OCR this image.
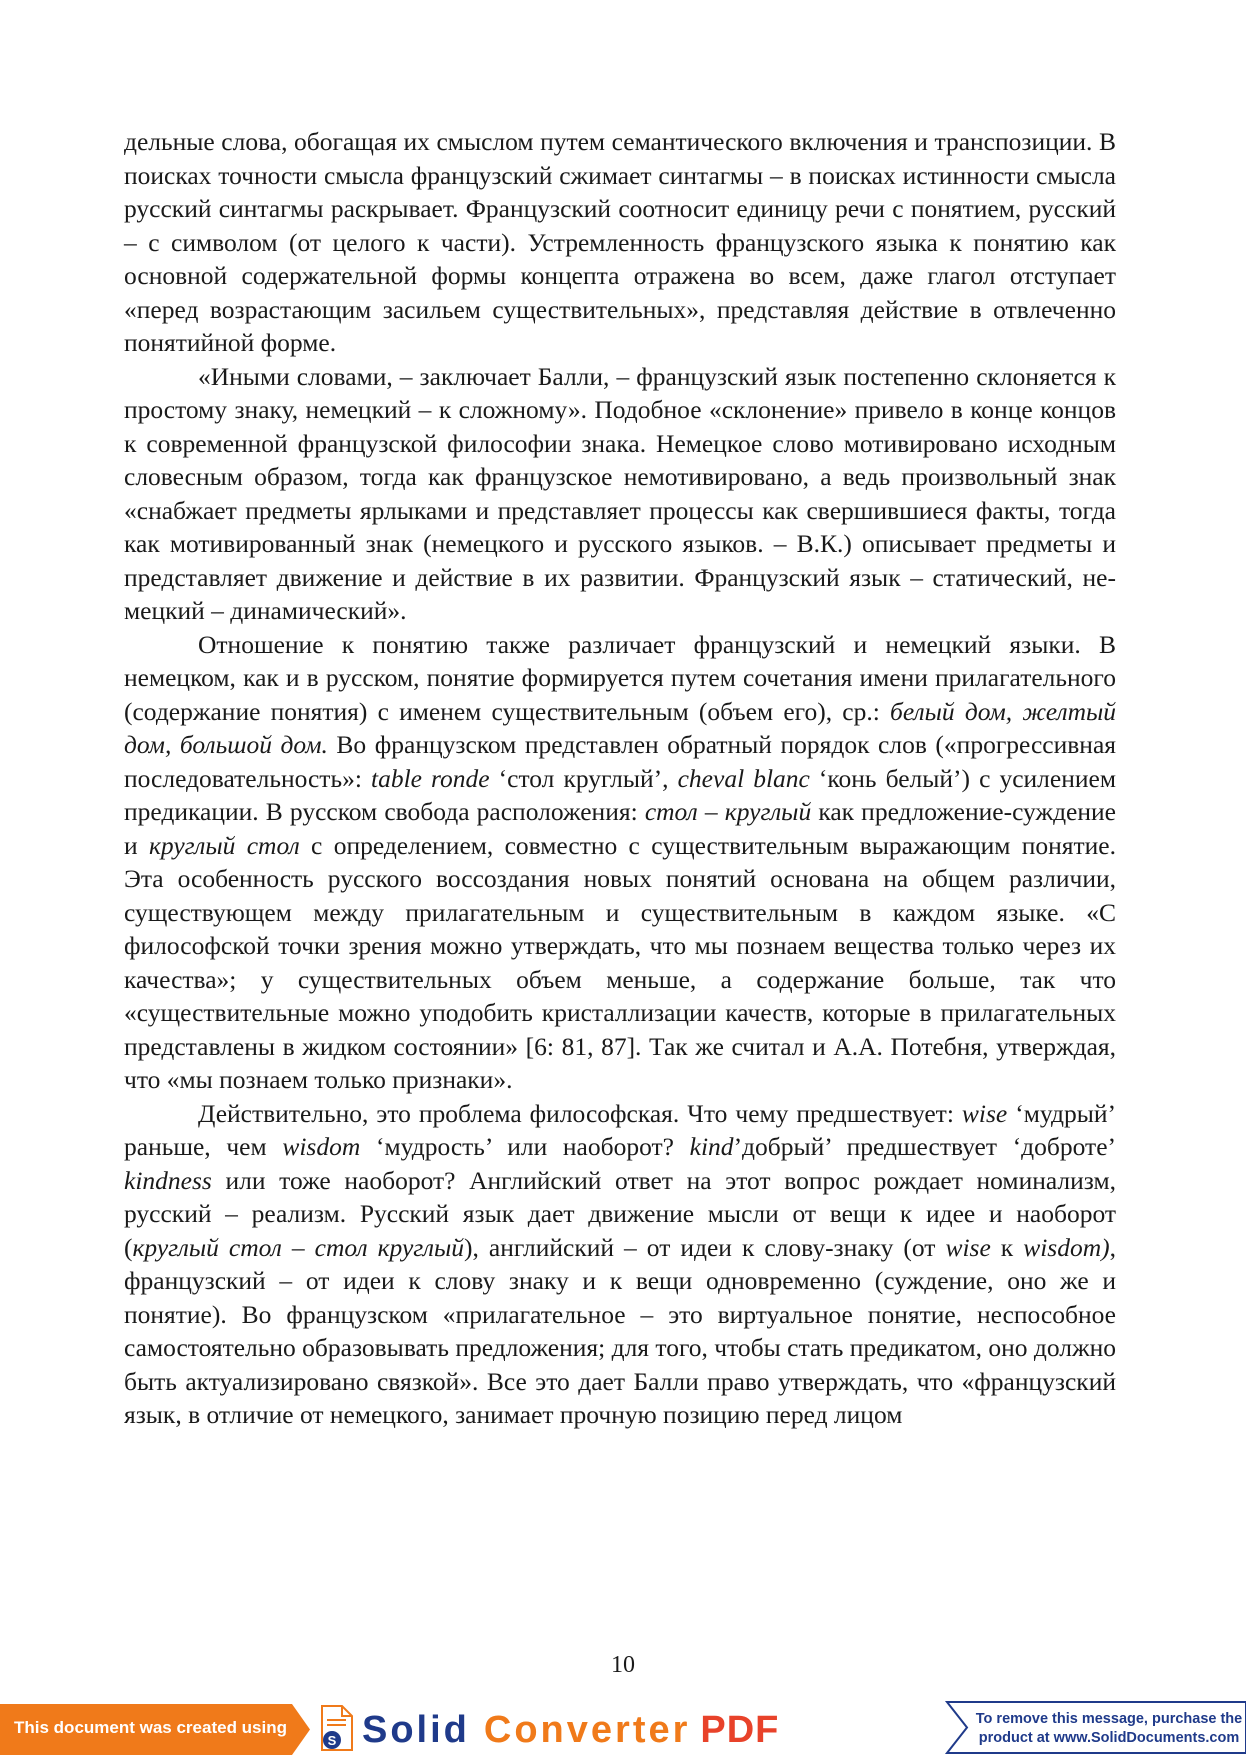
дельные слова, обогащая их смыслом путем семантического включения и транспозиции. В поисках точности смысла французский сжимает синтагмы – в поисках истинности смысла русский синтагмы раскрывает. Французский соотносит единицу речи с понятием, русский – с символом (от целого к части). Устремленность французского языка к понятию как основной содержательной формы концепта отражена во всем, даже глагол отступает «перед возрастающим засильем существительных», представляя действие в отвлеченно понятийной форме.

«Иными словами, – заключает Балли, – французский язык постепенно склоняется к простому знаку, немецкий – к сложному». Подобное «склонение» привело в конце концов к современной французской философии знака. Немецкое слово мотивировано исходным словесным образом, тогда как французское немотивировано, а ведь произвольный знак «снабжает предметы ярлыками и представляет процессы как свершившиеся факты, тогда как мотивированный знак (немецкого и русского языков. – В.К.) описывает предметы и представляет движение и действие в их развитии. Французский язык – статический, немецкий – динамический».

Отношение к понятию также различает французский и немецкий языки. В немецком, как и в русском, понятие формируется путем сочетания имени прилагательного (содержание понятия) с именем существительным (объем его), ср.: белый дом, желтый дом, большой дом. Во французском представлен обратный порядок слов («прогрессивная последовательность»: table ronde ‘стол круглый’, cheval blanc ‘конь белый’) с усилением предикации. В русском свобода расположения: стол – круглый как предложение-суждение и круглый стол с определением, совместно с существительным выражающим понятие. Эта особенность русского воссоздания новых понятий основана на общем различии, существующем между прилагательным и существительным в каждом языке. «С философской точки зрения можно утверждать, что мы познаем вещества только через их качества»; у существительных объем меньше, а содержание больше, так что «существительные можно уподобить кристаллизации качеств, которые в прилагательных представлены в жидком состоянии» [6: 81, 87]. Так же считал и А.А. Потебня, утверждая, что «мы познаем только признаки».

Действительно, это проблема философская. Что чему предшествует: wise ‘мудрый’ раньше, чем wisdom ‘мудрость’ или наоборот? kind’добрый’ предшествует ‘доброте’ kindness или тоже наоборот? Английский ответ на этот вопрос рождает номинализм, русский – реализм. Русский язык дает движение мысли от вещи к идее и наоборот (круглый стол – стол круглый), английский – от идеи к слову-знаку (от wise к wisdom), французский – от идеи к слову знаку и к вещи одновременно (суждение, оно же и понятие). Во французском «прилагательное – это виртуальное понятие, неспособное самостоятельно образовывать предложения; для того, чтобы стать предикатом, оно должно быть актуализировано связкой». Все это дает Балли право утверждать, что «французский язык, в отличие от немецкого, занимает прочную позицию перед лицом

10
This document was created using
S Solid Converter PDF	To remove this message, purchase the
product at www.SolidDocuments.com
